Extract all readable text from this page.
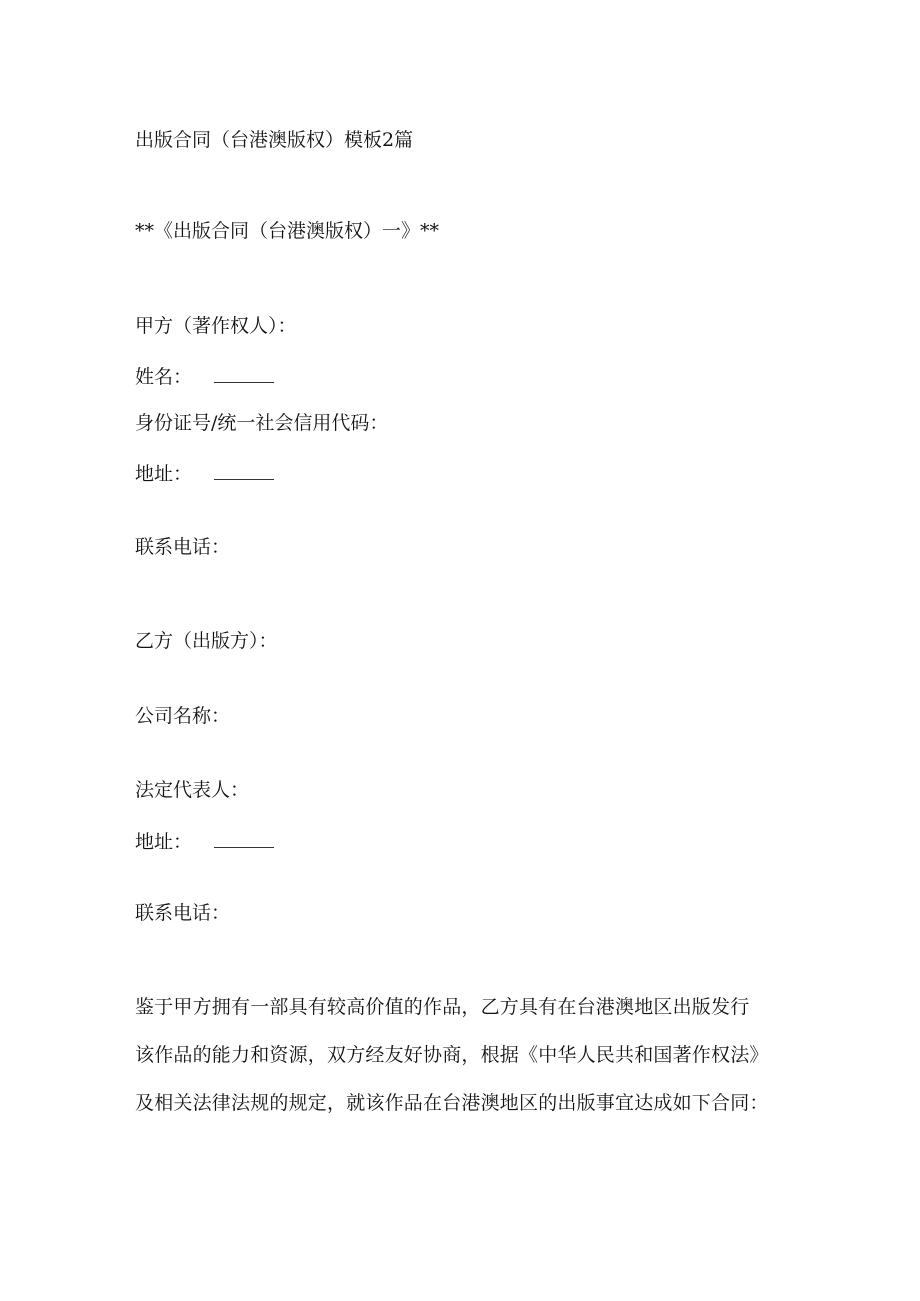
出版合同（台港澳版权）模板2篇
**《出版合同（台港澳版权）一》**
甲方（著作权人）：
姓名：
身份证号/统一社会信用代码：
地址：
联系电话：
乙方（出版方）：
公司名称：
法定代表人：
地址：
联系电话：
鉴于甲方拥有一部具有较高价值的作品，乙方具有在台港澳地区出版发行
该作品的能力和资源，双方经友好协商，根据《中华人民共和国著作权法》
及相关法律法规的规定，就该作品在台港澳地区的出版事宜达成如下合同：
